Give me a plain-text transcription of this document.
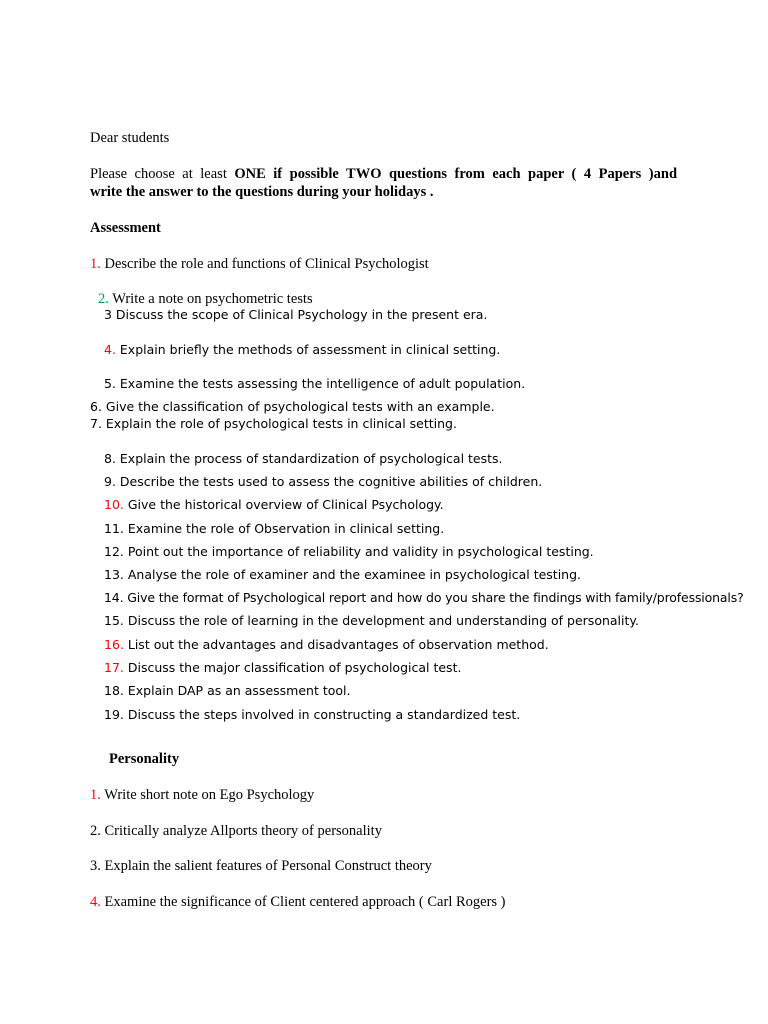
Dear students
Please choose at least ONE if possible TWO questions from each paper ( 4 Papers )and
write the answer to the questions during your holidays .
Assessment
1. Describe the role and functions of Clinical Psychologist
2. Write a note on psychometric tests
3 Discuss the scope of Clinical Psychology in the present era.
4. Explain briefly the methods of assessment in clinical setting.
5. Examine the tests assessing the intelligence of adult population.
6. Give the classification of psychological tests with an example.
7. Explain the role of psychological tests in clinical setting.
8. Explain the process of standardization of psychological tests.
9. Describe the tests used to assess the cognitive abilities of children.
10. Give the historical overview of Clinical Psychology.
11. Examine the role of Observation in clinical setting.
12. Point out the importance of reliability and validity in psychological testing.
13. Analyse the role of examiner and the examinee in psychological testing.
14. Give the format of Psychological report and how do you share the findings with family/professionals?
15. Discuss the role of learning in the development and understanding of personality.
16. List out the advantages and disadvantages of observation method.
17. Discuss the major classification of psychological test.
18. Explain DAP as an assessment tool.
19. Discuss the steps involved in constructing a standardized test.
Personality
1. Write short note on Ego Psychology
2. Critically analyze Allports theory of personality
3. Explain the salient features of Personal Construct theory
4. Examine the significance of Client centered approach ( Carl Rogers )
